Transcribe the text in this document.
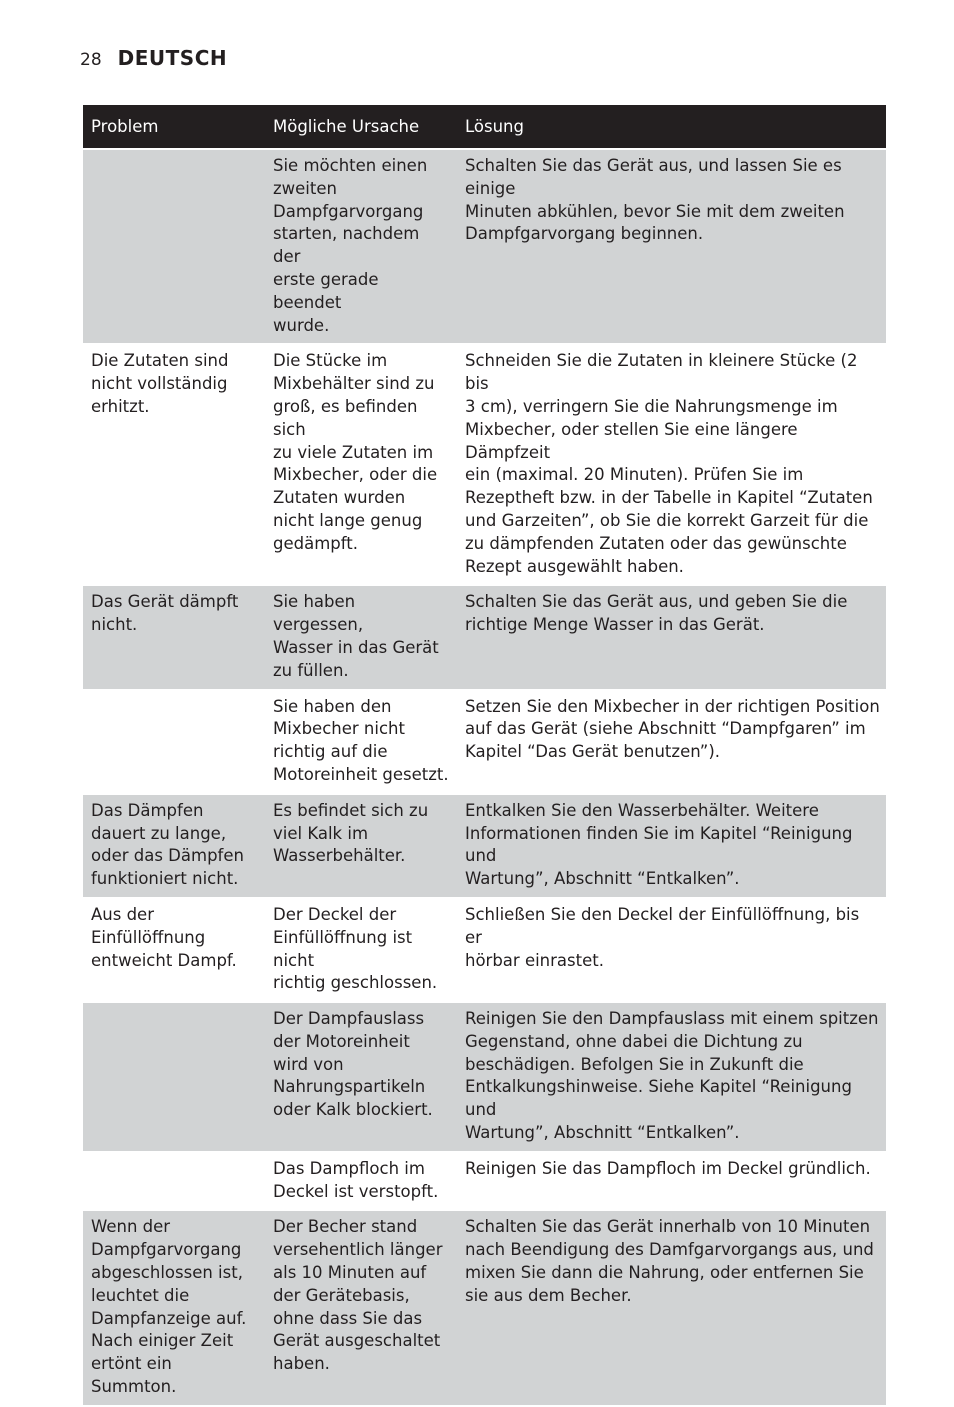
28 DEUTSCH
Problem	Mögliche Ursache	Lösung
Sie möchten einen
zweiten
Dampfgarvorgang
starten, nachdem der
erste gerade beendet
wurde.
Schalten Sie das Gerät aus, und lassen Sie es einige
Minuten abkühlen, bevor Sie mit dem zweiten
Dampfgarvorgang beginnen.
Die Zutaten sind
nicht vollständig
erhitzt.
Die Stücke im
Mixbehälter sind zu
groß, es befinden sich
zu viele Zutaten im
Mixbecher, oder die
Zutaten wurden
nicht lange genug
gedämpft.
Schneiden Sie die Zutaten in kleinere Stücke (2 bis
3 cm), verringern Sie die Nahrungsmenge im
Mixbecher, oder stellen Sie eine längere Dämpfzeit
ein (maximal. 20 Minuten). Prüfen Sie im
Rezeptheft bzw. in der Tabelle in Kapitel “Zutaten
und Garzeiten”, ob Sie die korrekt Garzeit für die
zu dämpfenden Zutaten oder das gewünschte
Rezept ausgewählt haben.
Das Gerät dämpft
nicht.
Sie haben vergessen,
Wasser in das Gerät
zu füllen.
Schalten Sie das Gerät aus, und geben Sie die
richtige Menge Wasser in das Gerät.
Sie haben den
Mixbecher nicht
richtig auf die
Motoreinheit gesetzt.
Setzen Sie den Mixbecher in der richtigen Position
auf das Gerät (siehe Abschnitt “Dampfgaren” im
Kapitel “Das Gerät benutzen”).
Das Dämpfen
dauert zu lange,
oder das Dämpfen
funktioniert nicht.
Es befindet sich zu
viel Kalk im
Wasserbehälter.
Entkalken Sie den Wasserbehälter. Weitere
Informationen finden Sie im Kapitel “Reinigung und
Wartung”, Abschnitt “Entkalken”.
Aus der
Einfüllöffnung
entweicht Dampf.
Der Deckel der
Einfüllöffnung ist nicht
richtig geschlossen.
Schließen Sie den Deckel der Einfüllöffnung, bis er
hörbar einrastet.
Der Dampfauslass
der Motoreinheit
wird von
Nahrungspartikeln
oder Kalk blockiert.
Reinigen Sie den Dampfauslass mit einem spitzen
Gegenstand, ohne dabei die Dichtung zu
beschädigen. Befolgen Sie in Zukunft die
Entkalkungshinweise. Siehe Kapitel “Reinigung und
Wartung”, Abschnitt “Entkalken”.
Das Dampfloch im
Deckel ist verstopft.
Reinigen Sie das Dampfloch im Deckel gründlich.
Wenn der
Dampfgarvorgang
abgeschlossen ist,
leuchtet die
Dampfanzeige auf.
Nach einiger Zeit
ertönt ein
Summton.
Der Becher stand
versehentlich länger
als 10 Minuten auf
der Gerätebasis,
ohne dass Sie das
Gerät ausgeschaltet
haben.
Schalten Sie das Gerät innerhalb von 10 Minuten
nach Beendigung des Damfgarvorgangs aus, und
mixen Sie dann die Nahrung, oder entfernen Sie
sie aus dem Becher.
